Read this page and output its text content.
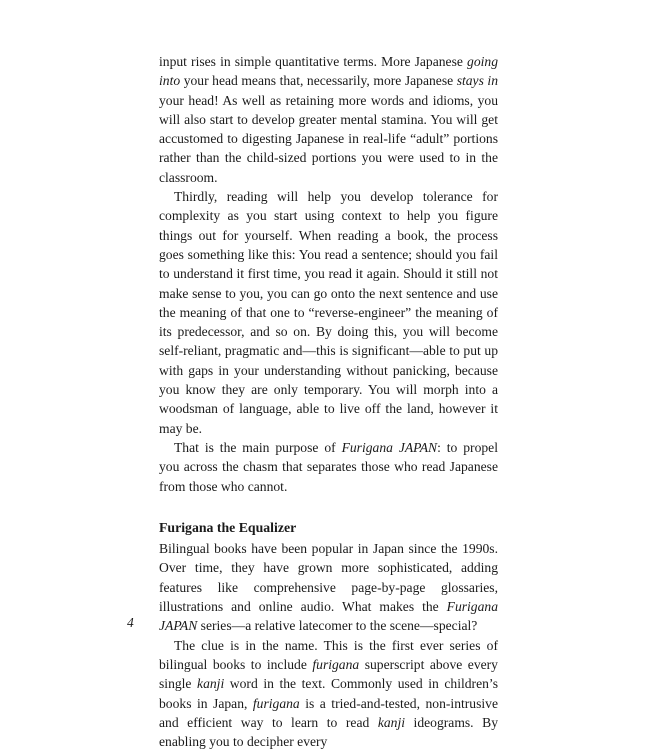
input rises in simple quantitative terms. More Japanese going into your head means that, necessarily, more Japanese stays in your head! As well as retaining more words and idioms, you will also start to develop greater mental stamina. You will get accustomed to digesting Japanese in real-life “adult” portions rather than the child-sized portions you were used to in the classroom.

Thirdly, reading will help you develop tolerance for complexity as you start using context to help you figure things out for yourself. When reading a book, the process goes something like this: You read a sentence; should you fail to understand it first time, you read it again. Should it still not make sense to you, you can go onto the next sentence and use the meaning of that one to “reverse-engineer” the meaning of its predecessor, and so on. By doing this, you will become self-reliant, pragmatic and—this is significant—able to put up with gaps in your understanding without panicking, because you know they are only temporary. You will morph into a woodsman of language, able to live off the land, however it may be.

That is the main purpose of Furigana JAPAN: to propel you across the chasm that separates those who read Japanese from those who cannot.

Furigana the Equalizer

Bilingual books have been popular in Japan since the 1990s. Over time, they have grown more sophisticated, adding features like comprehensive page-by-page glossaries, illustrations and online audio. What makes the Furigana JAPAN series—a relative latecomer to the scene—special?

The clue is in the name. This is the first ever series of bilingual books to include furigana superscript above every single kanji word in the text. Commonly used in children’s books in Japan, furigana is a tried-and-tested, non-intrusive and efficient way to learn to read kanji ideograms. By enabling you to decipher every

4
